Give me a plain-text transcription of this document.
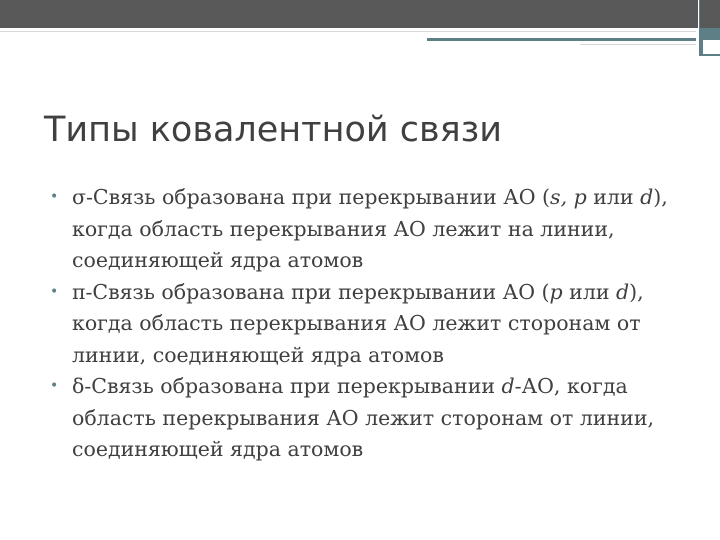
Типы ковалентной связи
• σ-Связь образована при перекрывании АО (s, p или d), когда область перекрывания АО лежит на линии, соединяющей ядра атомов
• π-Связь образована при перекрывании АО (p или d), когда область перекрывания АО лежит сторонам от линии, соединяющей ядра атомов
• δ-Связь образована при перекрывании d-АО, когда область перекрывания АО лежит сторонам от линии, соединяющей ядра атомов
